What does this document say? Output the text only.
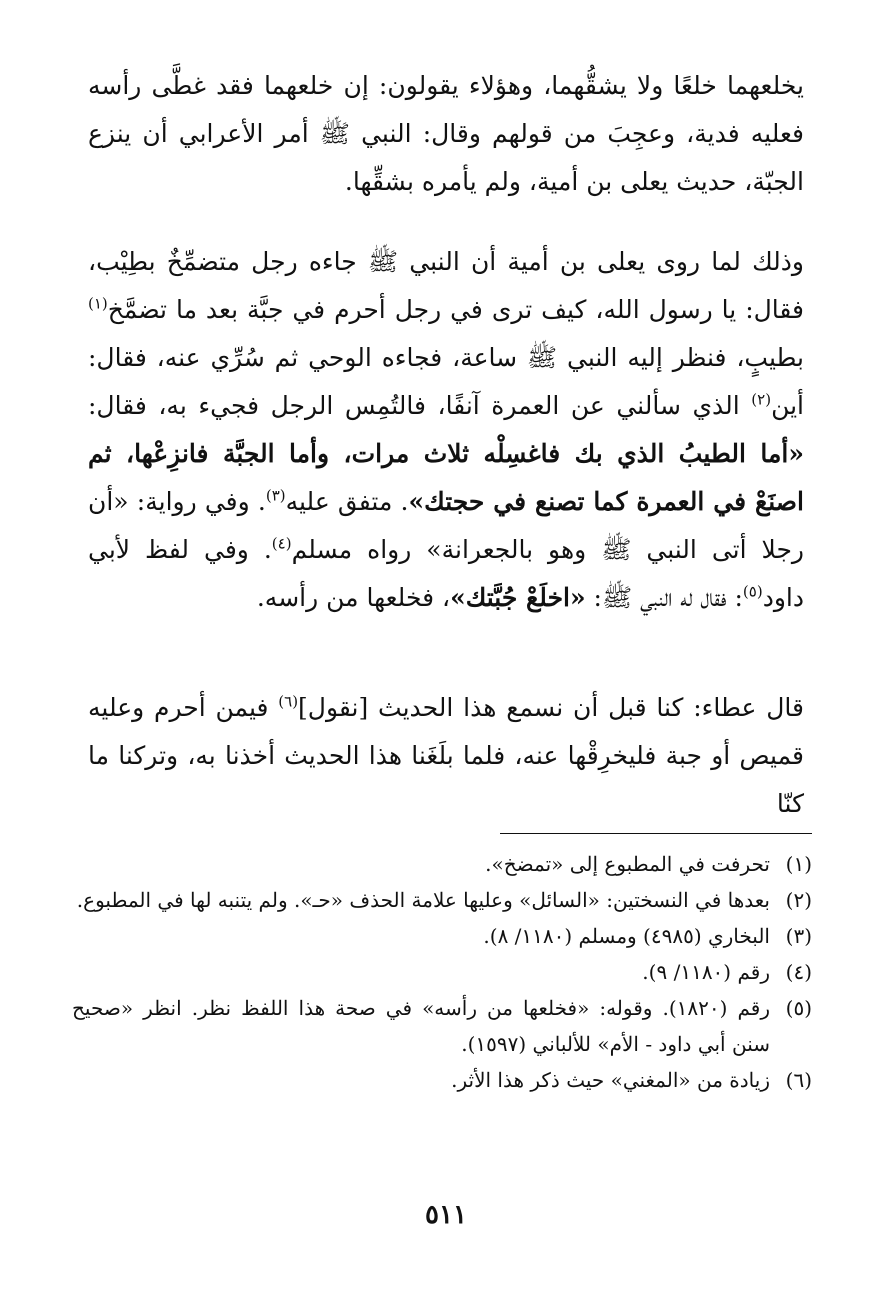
يخلعهما خلعًا ولا يشقُّهما، وهؤلاء يقولون: إن خلعهما فقد غطَّى رأسه فعليه فدية، وعجِبَ من قولهم وقال: النبي ﷺ أمر الأعرابي أن ينزع الجبّة، حديث يعلى بن أمية، ولم يأمره بشقِّها.

وذلك لما روى يعلى بن أمية أن النبي ﷺ جاءه رجل متضمِّخٌ بطِيْب، فقال: يا رسول الله، كيف ترى في رجل أحرم في جبَّة بعد ما تضمَّخ$^{(١)}$ بطيبٍ، فنظر إليه النبي ﷺ ساعة، فجاءه الوحي ثم سُرِّي عنه، فقال: أين$^{(٢)}$ الذي سألني عن العمرة آنفًا، فالتُمِس الرجل فجيء به، فقال: «أما الطيبُ الذي بك فاغسِلْه ثلاث مرات، وأما الجبَّة فانزِعْها، ثم اصنَعْ في العمرة كما تصنع في حجتك». متفق عليه$^{(٣)}$. وفي رواية: «أن رجلا أتى النبي ﷺ وهو بالجعرانة» رواه مسلم$^{(٤)}$. وفي لفظ لأبي داود$^{(٥)}$: فقال له النبي ﷺ: «اخلَعْ جُبَّتك»، فخلعها من رأسه.

قال عطاء: كنا قبل أن نسمع هذا الحديث [نقول]$^{(٦)}$ فيمن أحرم وعليه قميص أو جبة فليخرِقْها عنه، فلما بلَغَنا هذا الحديث أخذنا به، وتركنا ما كنّا

(١)
تحرفت في المطبوع إلى «تمضخ».
(٢)
بعدها في النسختين: «السائل» وعليها علامة الحذف «حـ». ولم يتنبه لها في المطبوع.
(٣)
البخاري (٤٩٨٥) ومسلم (١١٨٠/ ٨).
(٤)
رقم (١١٨٠/ ٩).
(٥)
رقم (١٨٢٠). وقوله: «فخلعها من رأسه» في صحة هذا اللفظ نظر. انظر «صحيح سنن أبي داود - الأم» للألباني (١٥٩٧).
(٦)
زيادة من «المغني» حيث ذكر هذا الأثر.
٥١١
